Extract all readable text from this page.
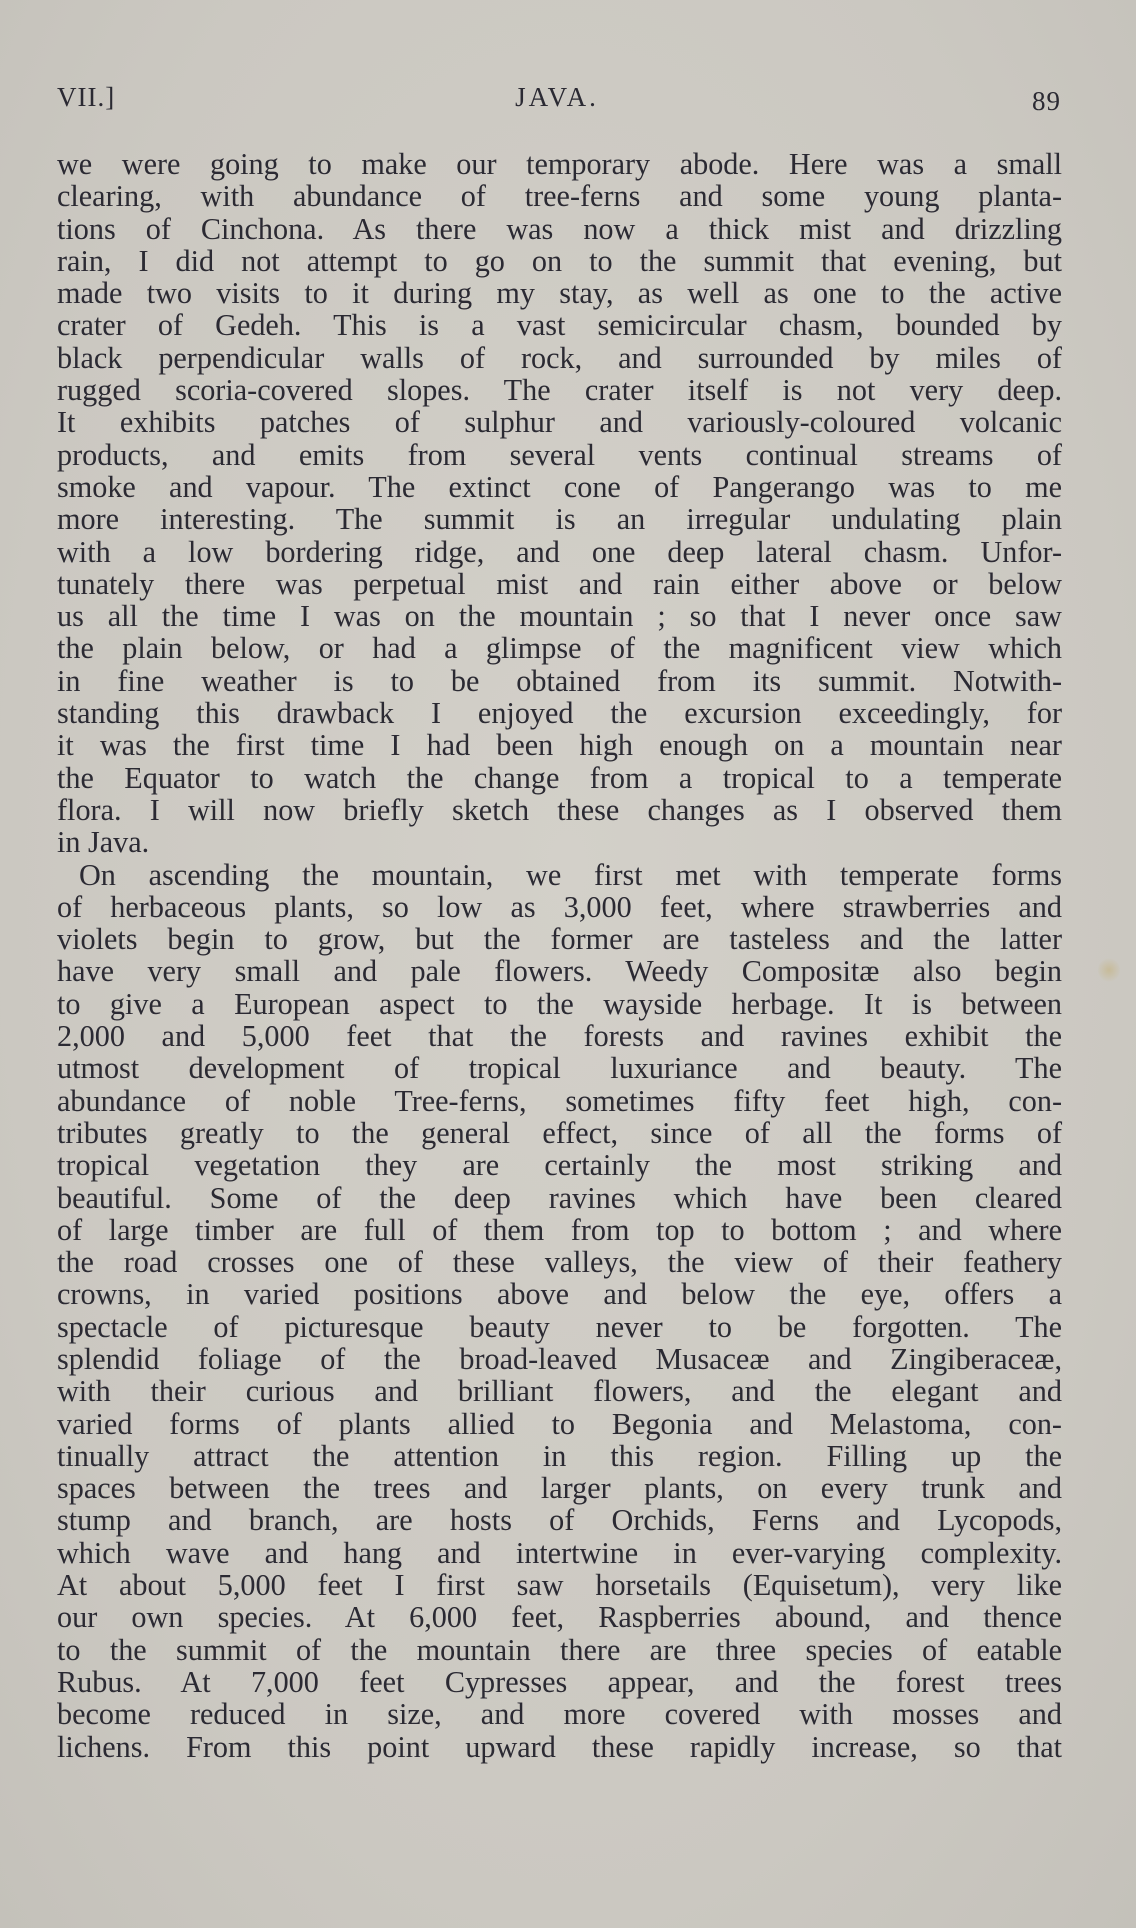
VII.]	JAVA.	89
we were going to make our temporary abode. Here was a small
clearing, with abundance of tree-ferns and some young planta-
tions of Cinchona. As there was now a thick mist and drizzling
rain, I did not attempt to go on to the summit that evening, but
made two visits to it during my stay, as well as one to the active
crater of Gedeh. This is a vast semicircular chasm, bounded by
black perpendicular walls of rock, and surrounded by miles of
rugged scoria-covered slopes. The crater itself is not very deep.
It exhibits patches of sulphur and variously-coloured volcanic
products, and emits from several vents continual streams of
smoke and vapour. The extinct cone of Pangerango was to me
more interesting. The summit is an irregular undulating plain
with a low bordering ridge, and one deep lateral chasm. Unfor-
tunately there was perpetual mist and rain either above or below
us all the time I was on the mountain ; so that I never once saw
the plain below, or had a glimpse of the magnificent view which
in fine weather is to be obtained from its summit. Notwith-
standing this drawback I enjoyed the excursion exceedingly, for
it was the first time I had been high enough on a mountain near
the Equator to watch the change from a tropical to a temperate
flora. I will now briefly sketch these changes as I observed them
in Java.
On ascending the mountain, we first met with temperate forms
of herbaceous plants, so low as 3,000 feet, where strawberries and
violets begin to grow, but the former are tasteless and the latter
have very small and pale flowers. Weedy Compositæ also begin
to give a European aspect to the wayside herbage. It is between
2,000 and 5,000 feet that the forests and ravines exhibit the
utmost development of tropical luxuriance and beauty. The
abundance of noble Tree-ferns, sometimes fifty feet high, con-
tributes greatly to the general effect, since of all the forms of
tropical vegetation they are certainly the most striking and
beautiful. Some of the deep ravines which have been cleared
of large timber are full of them from top to bottom ; and where
the road crosses one of these valleys, the view of their feathery
crowns, in varied positions above and below the eye, offers a
spectacle of picturesque beauty never to be forgotten. The
splendid foliage of the broad-leaved Musaceæ and Zingiberaceæ,
with their curious and brilliant flowers, and the elegant and
varied forms of plants allied to Begonia and Melastoma, con-
tinually attract the attention in this region. Filling up the
spaces between the trees and larger plants, on every trunk and
stump and branch, are hosts of Orchids, Ferns and Lycopods,
which wave and hang and intertwine in ever-varying complexity.
At about 5,000 feet I first saw horsetails (Equisetum), very like
our own species. At 6,000 feet, Raspberries abound, and thence
to the summit of the mountain there are three species of eatable
Rubus. At 7,000 feet Cypresses appear, and the forest trees
become reduced in size, and more covered with mosses and
lichens. From this point upward these rapidly increase, so that
